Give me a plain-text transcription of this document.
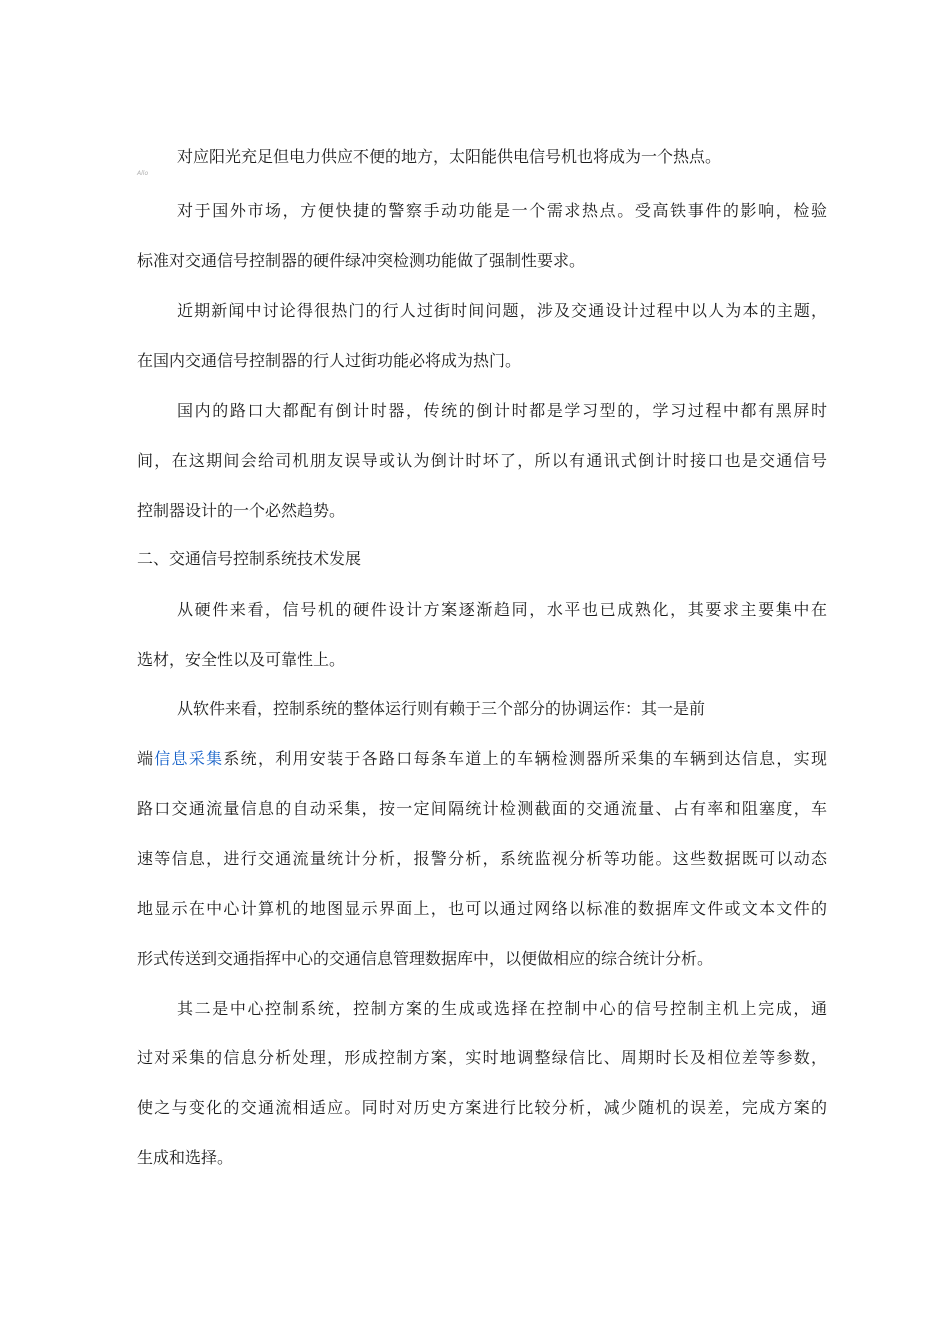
对应阳光充足但电力供应不便的地方，太阳能供电信号机也将成为一个热点。
Allo
对于国外市场，方便快捷的警察手动功能是一个需求热点。受高铁事件的影响，检验
标准对交通信号控制器的硬件绿冲突检测功能做了强制性要求。
近期新闻中讨论得很热门的行人过街时间问题，涉及交通设计过程中以人为本的主题，
在国内交通信号控制器的行人过街功能必将成为热门。
国内的路口大都配有倒计时器，传统的倒计时都是学习型的，学习过程中都有黑屏时
间，在这期间会给司机朋友误导或认为倒计时坏了，所以有通讯式倒计时接口也是交通信号
控制器设计的一个必然趋势。
二、交通信号控制系统技术发展
从硬件来看，信号机的硬件设计方案逐渐趋同，水平也已成熟化，其要求主要集中在
选材，安全性以及可靠性上。
从软件来看，控制系统的整体运行则有赖于三个部分的协调运作：其一是前
端信息采集系统，利用安装于各路口每条车道上的车辆检测器所采集的车辆到达信息，实现
路口交通流量信息的自动采集，按一定间隔统计检测截面的交通流量、占有率和阻塞度，车
速等信息，进行交通流量统计分析，报警分析，系统监视分析等功能。这些数据既可以动态
地显示在中心计算机的地图显示界面上，也可以通过网络以标准的数据库文件或文本文件的
形式传送到交通指挥中心的交通信息管理数据库中，以便做相应的综合统计分析。
其二是中心控制系统，控制方案的生成或选择在控制中心的信号控制主机上完成，通
过对采集的信息分析处理，形成控制方案，实时地调整绿信比、周期时长及相位差等参数，
使之与变化的交通流相适应。同时对历史方案进行比较分析，减少随机的误差，完成方案的
生成和选择。
